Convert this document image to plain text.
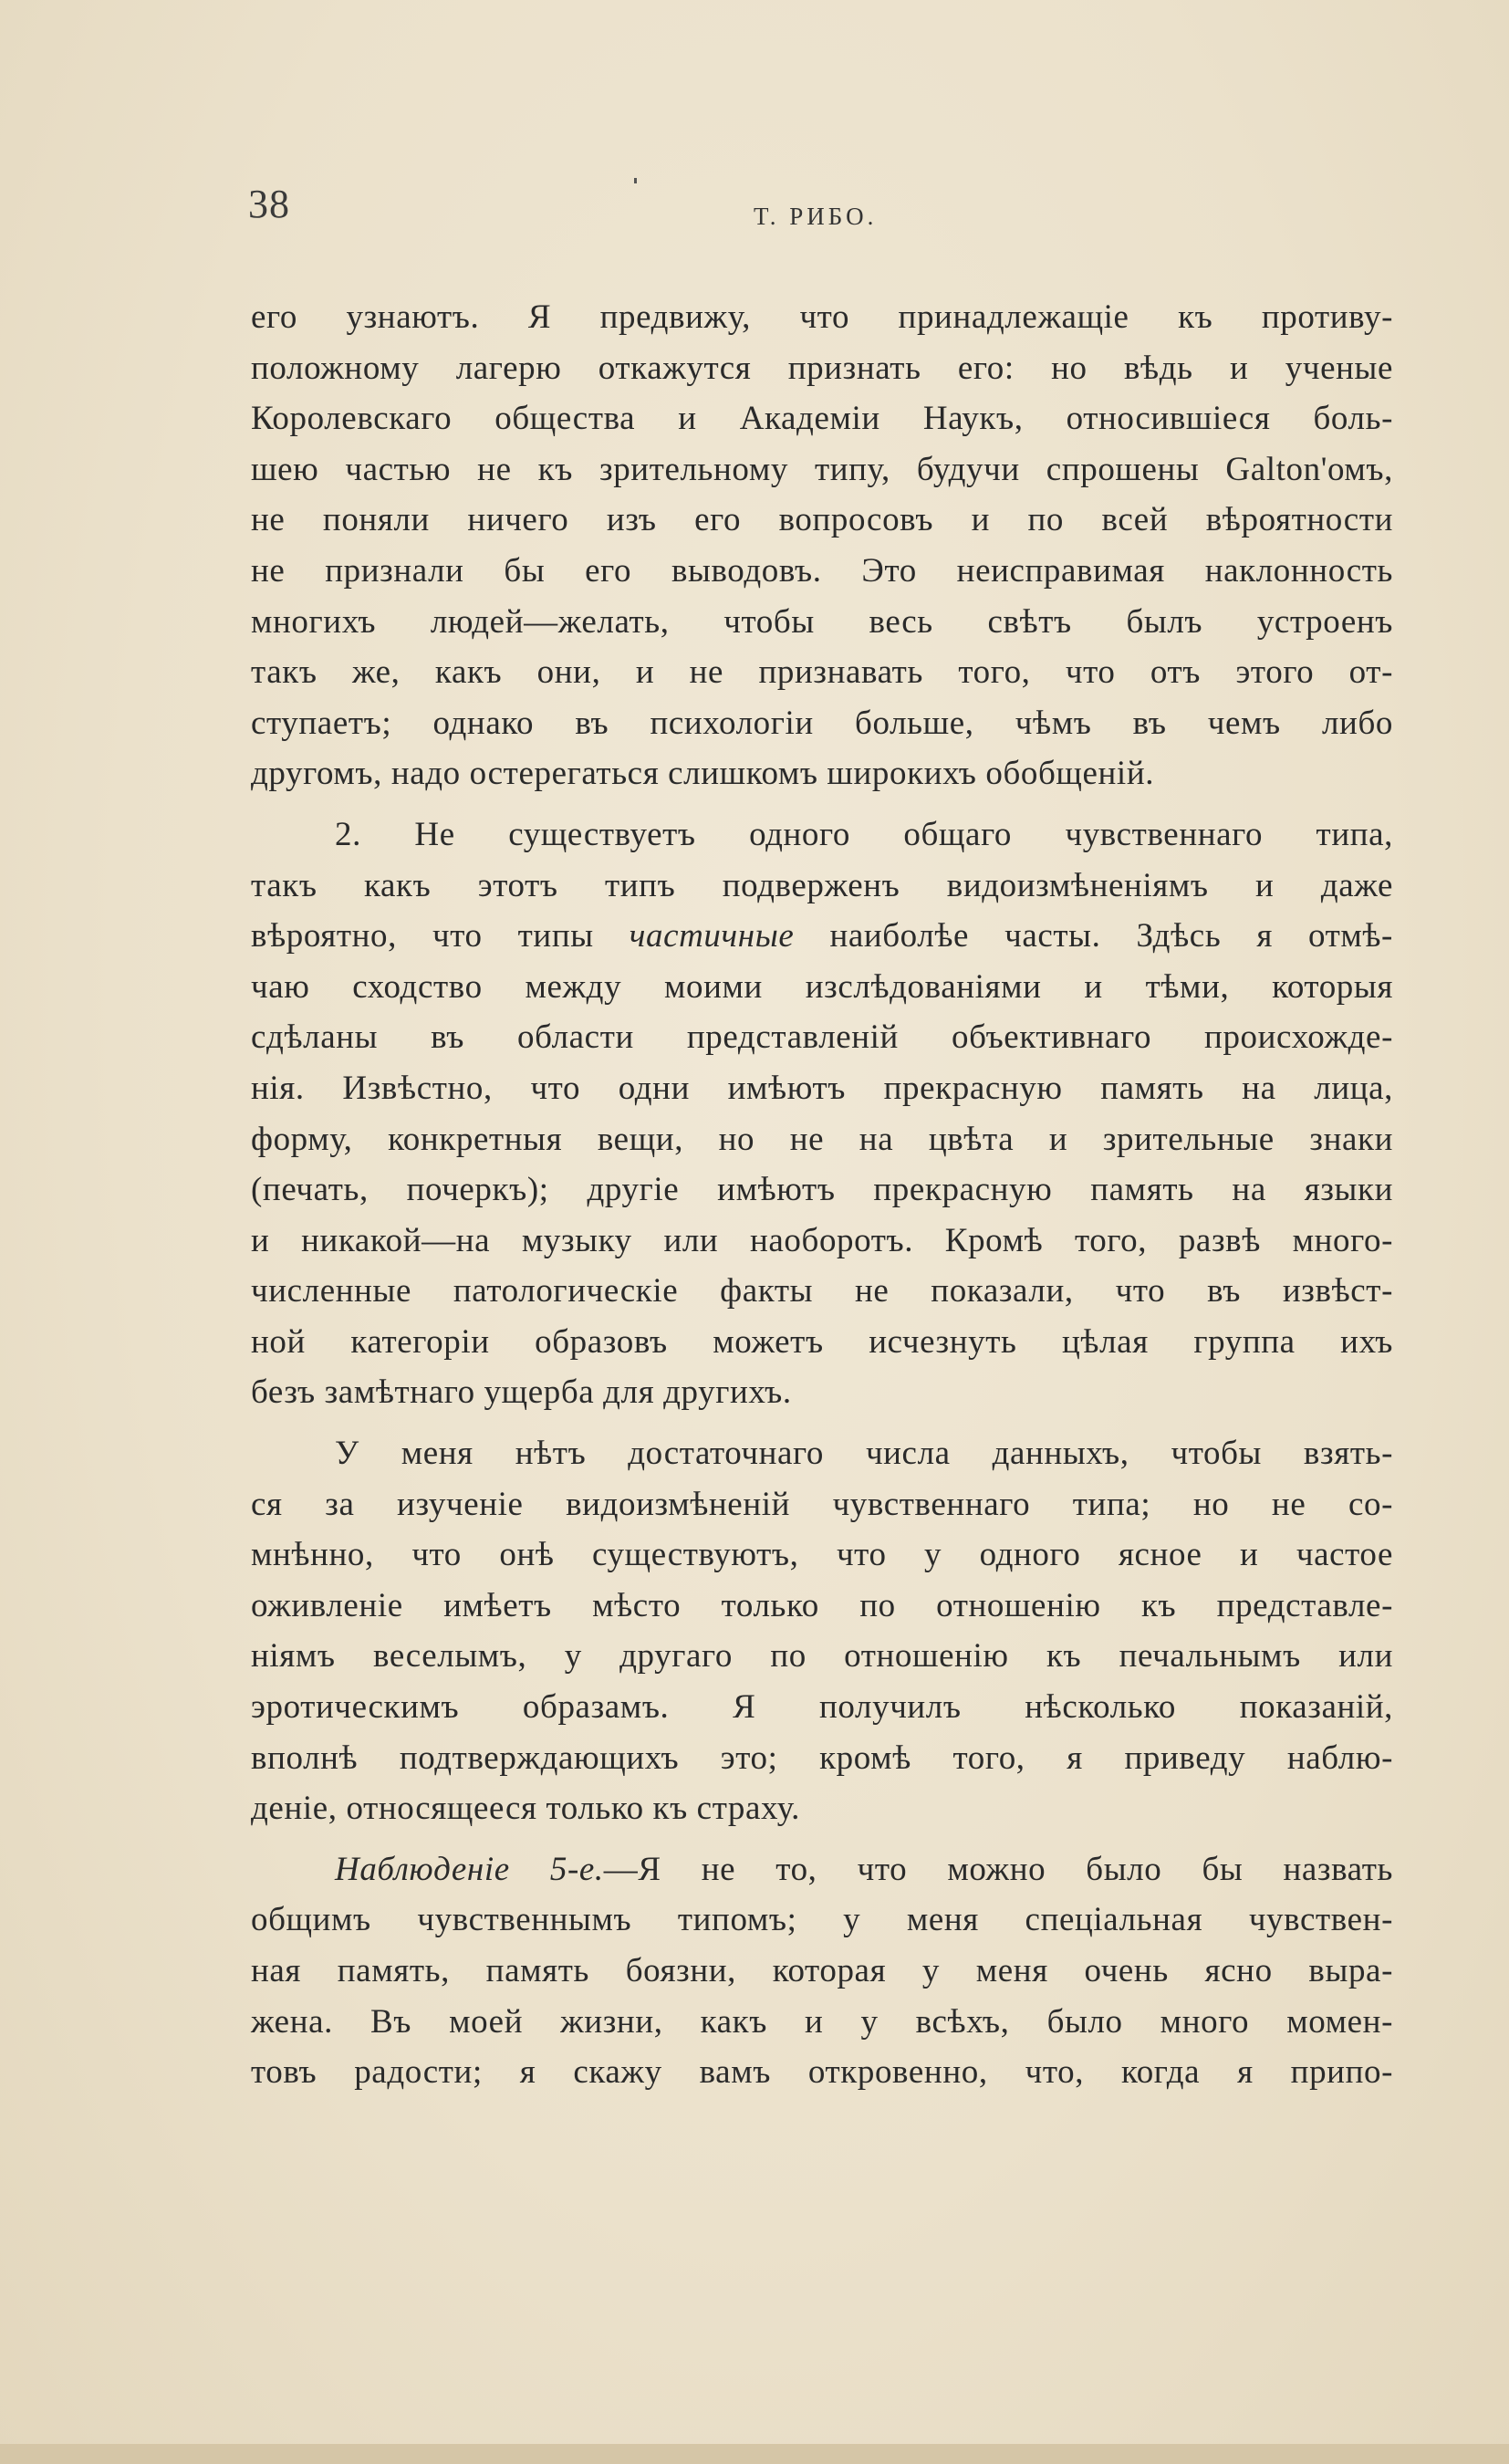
38	Т. РИБО.
его узнаютъ. Я предвижу, что принадлежащіе къ противу-
положному лагерю откажутся признать его: но вѣдь и ученые
Королевскаго общества и Академіи Наукъ, относившіеся боль-
шею частью не къ зрительному типу, будучи спрошены Galton'омъ,
не поняли ничего изъ его вопросовъ и по всей вѣроятности
не признали бы его выводовъ. Это неисправимая наклонность
многихъ людей—желать, чтобы весь свѣтъ былъ устроенъ
такъ же, какъ они, и не признавать того, что отъ этого от-
ступаетъ; однако въ психологіи больше, чѣмъ въ чемъ либо
другомъ, надо остерегаться слишкомъ широкихъ обобщеній.
2. Не существуетъ одного общаго чувственнаго типа,
такъ какъ этотъ типъ подверженъ видоизмѣненіямъ и даже
вѣроятно, что типы частичные наиболѣе часты. Здѣсь я отмѣ-
чаю сходство между моими изслѣдованіями и тѣми, которыя
сдѣланы въ области представленій объективнаго происхожде-
нія. Извѣстно, что одни имѣютъ прекрасную память на лица,
форму, конкретныя вещи, но не на цвѣта и зрительные знаки
(печать, почеркъ); другіе имѣютъ прекрасную память на языки
и никакой—на музыку или наоборотъ. Кромѣ того, развѣ много-
численные патологическіе факты не показали, что въ извѣст-
ной категоріи образовъ можетъ исчезнуть цѣлая группа ихъ
безъ замѣтнаго ущерба для другихъ.
У меня нѣтъ достаточнаго числа данныхъ, чтобы взять-
ся за изученіе видоизмѣненій чувственнаго типа; но не со-
мнѣнно, что онѣ существуютъ, что у одного ясное и частое
оживленіе имѣетъ мѣсто только по отношенію къ представле-
ніямъ веселымъ, у другаго по отношенію къ печальнымъ или
эротическимъ образамъ. Я получилъ нѣсколько показаній,
вполнѣ подтверждающихъ это; кромѣ того, я приведу наблю-
деніе, относящееся только къ страху.
Наблюденіе 5-е.—Я не то, что можно было бы назвать
общимъ чувственнымъ типомъ; у меня спеціальная чувствен-
ная память, память боязни, которая у меня очень ясно выра-
жена. Въ моей жизни, какъ и у всѣхъ, было много момен-
товъ радости; я скажу вамъ откровенно, что, когда я припо-
